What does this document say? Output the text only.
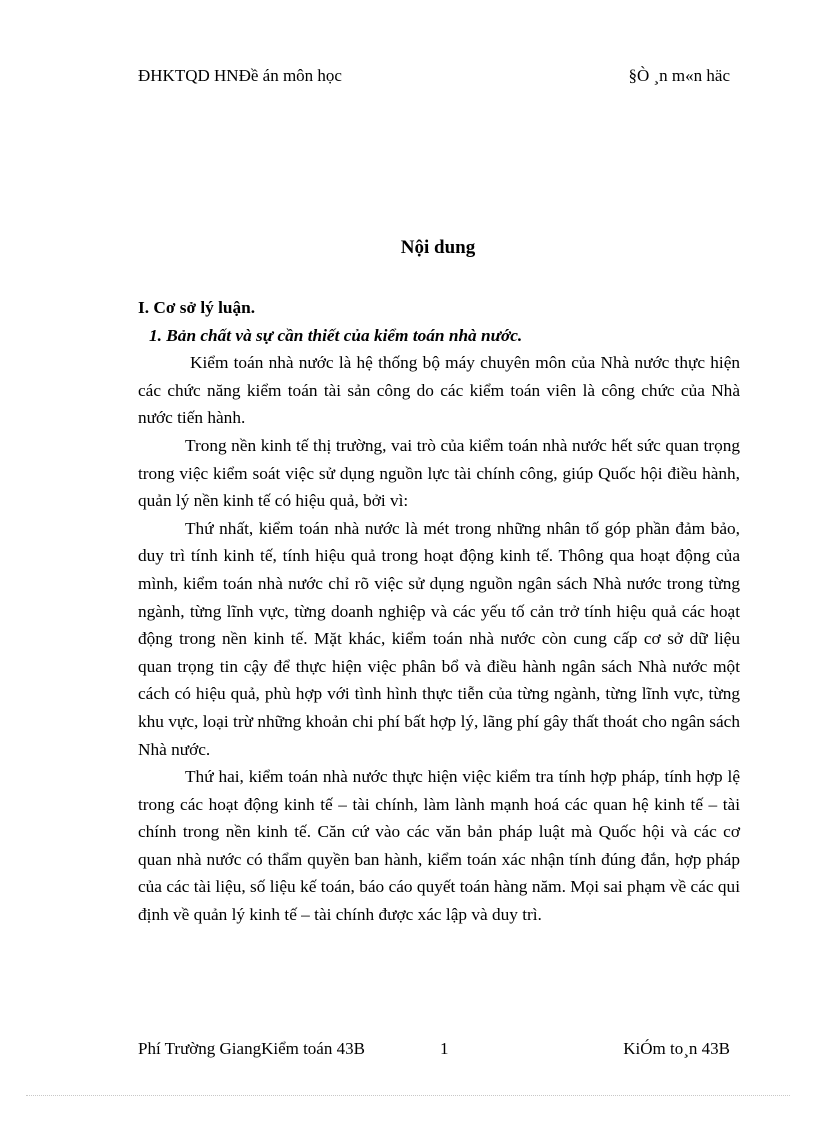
ĐHKTQD HNĐề án môn học	§Ò ¸n m«n häc
Nội dung

I. Cơ sở lý luận.

1. Bản chất và sự cần thiết của kiểm toán nhà nước.

Kiểm toán nhà nước là hệ thống bộ máy chuyên môn của Nhà nước thực hiện các chức năng kiểm toán tài sản công do các kiểm toán viên là công chức của Nhà nước tiến hành.

Trong nền kinh tế thị trường, vai trò của kiểm toán nhà nước hết sức quan trọng trong việc kiểm soát việc sử dụng nguồn lực tài chính công, giúp Quốc hội điều hành, quản lý nền kinh tế có hiệu quả, bởi vì:

Thứ nhất, kiểm toán nhà nước là mét trong những nhân tố góp phần đảm bảo, duy trì tính kinh tế, tính hiệu quả trong hoạt động kinh tế. Thông qua hoạt động của mình, kiểm toán nhà nước chỉ rõ việc sử dụng nguồn ngân sách Nhà nước trong từng ngành, từng lĩnh vực, từng doanh nghiệp và các yếu tố cản trở tính hiệu quả các hoạt động trong nền kinh tế. Mặt khác, kiểm toán nhà nước còn cung cấp cơ sở dữ liệu quan trọng tin cậy để thực hiện việc phân bổ và điều hành ngân sách Nhà nước một cách có hiệu quả, phù hợp với tình hình thực tiễn của từng ngành, từng lĩnh vực, từng khu vực, loại trừ những khoản chi phí bất hợp lý, lãng phí gây thất thoát cho ngân sách Nhà nước.

Thứ hai, kiểm toán nhà nước thực hiện việc kiểm tra tính hợp pháp, tính hợp lệ trong các hoạt động kinh tế – tài chính, làm lành mạnh hoá các quan hệ kinh tế – tài chính trong nền kinh tế. Căn cứ vào các văn bản pháp luật mà Quốc hội và các cơ quan nhà nước có thẩm quyền ban hành, kiểm toán xác nhận tính đúng đắn, hợp pháp của các tài liệu, số liệu kế toán, báo cáo quyết toán hàng năm. Mọi sai phạm về các qui định về quản lý kinh tế – tài chính được xác lập và duy trì.

Phí Trường GiangKiểm toán 43B	1	KiÓm to¸n 43B
